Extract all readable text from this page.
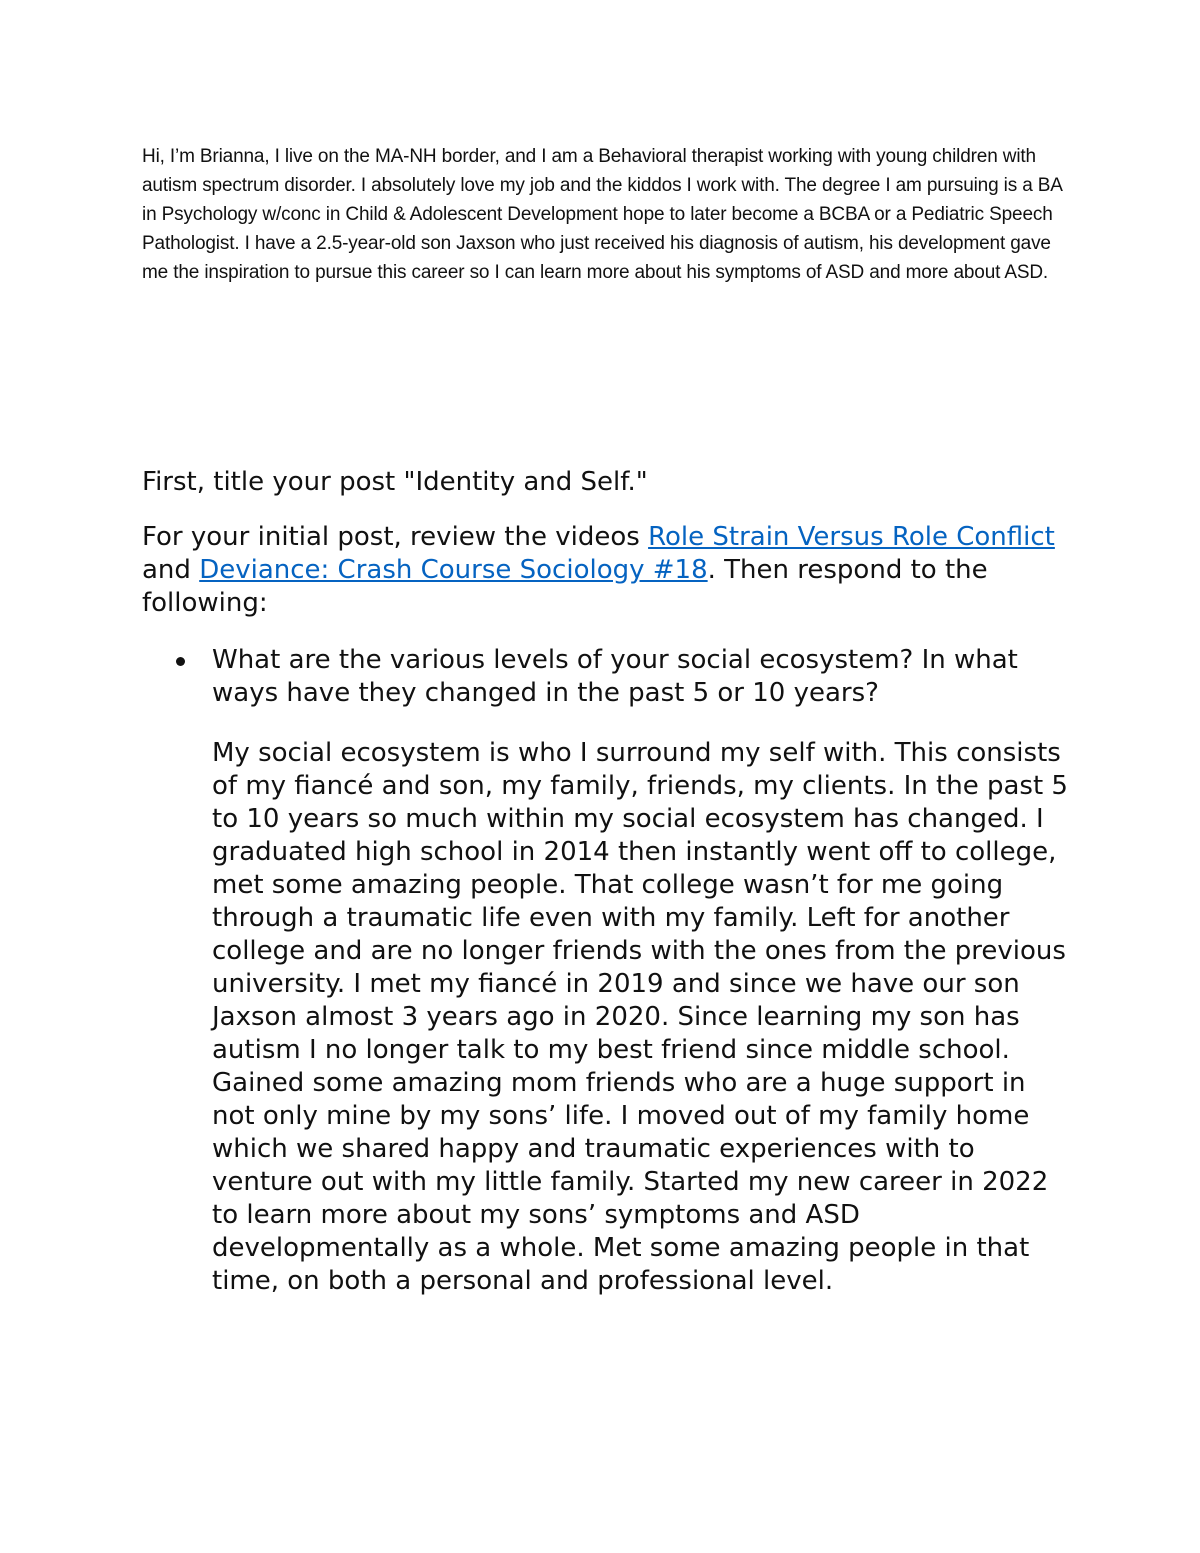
Hi, I’m Brianna, I live on the MA-NH border, and I am a Behavioral therapist working with young children with autism spectrum disorder. I absolutely love my job and the kiddos I work with. The degree I am pursuing is a BA in Psychology w/conc in Child & Adolescent Development hope to later become a BCBA or a Pediatric Speech Pathologist. I have a 2.5-year-old son Jaxson who just received his diagnosis of autism, his development gave me the inspiration to pursue this career so I can learn more about his symptoms of ASD and more about ASD.

First, title your post "Identity and Self."

For your initial post, review the videos Role Strain Versus Role Conflict and Deviance: Crash Course Sociology #18. Then respond to the following:

What are the various levels of your social ecosystem? In what ways have they changed in the past 5 or 10 years?

My social ecosystem is who I surround my self with. This consists of my fiancé and son, my family, friends, my clients. In the past 5 to 10 years so much within my social ecosystem has changed. I graduated high school in 2014 then instantly went off to college, met some amazing people. That college wasn’t for me going through a traumatic life even with my family. Left for another college and are no longer friends with the ones from the previous university. I met my fiancé in 2019 and since we have our son Jaxson almost 3 years ago in 2020. Since learning my son has autism I no longer talk to my best friend since middle school. Gained some amazing mom friends who are a huge support in not only mine by my sons’ life. I moved out of my family home which we shared happy and traumatic experiences with to venture out with my little family. Started my new career in 2022 to learn more about my sons’ symptoms and ASD developmentally as a whole. Met some amazing people in that time, on both a personal and professional level.
